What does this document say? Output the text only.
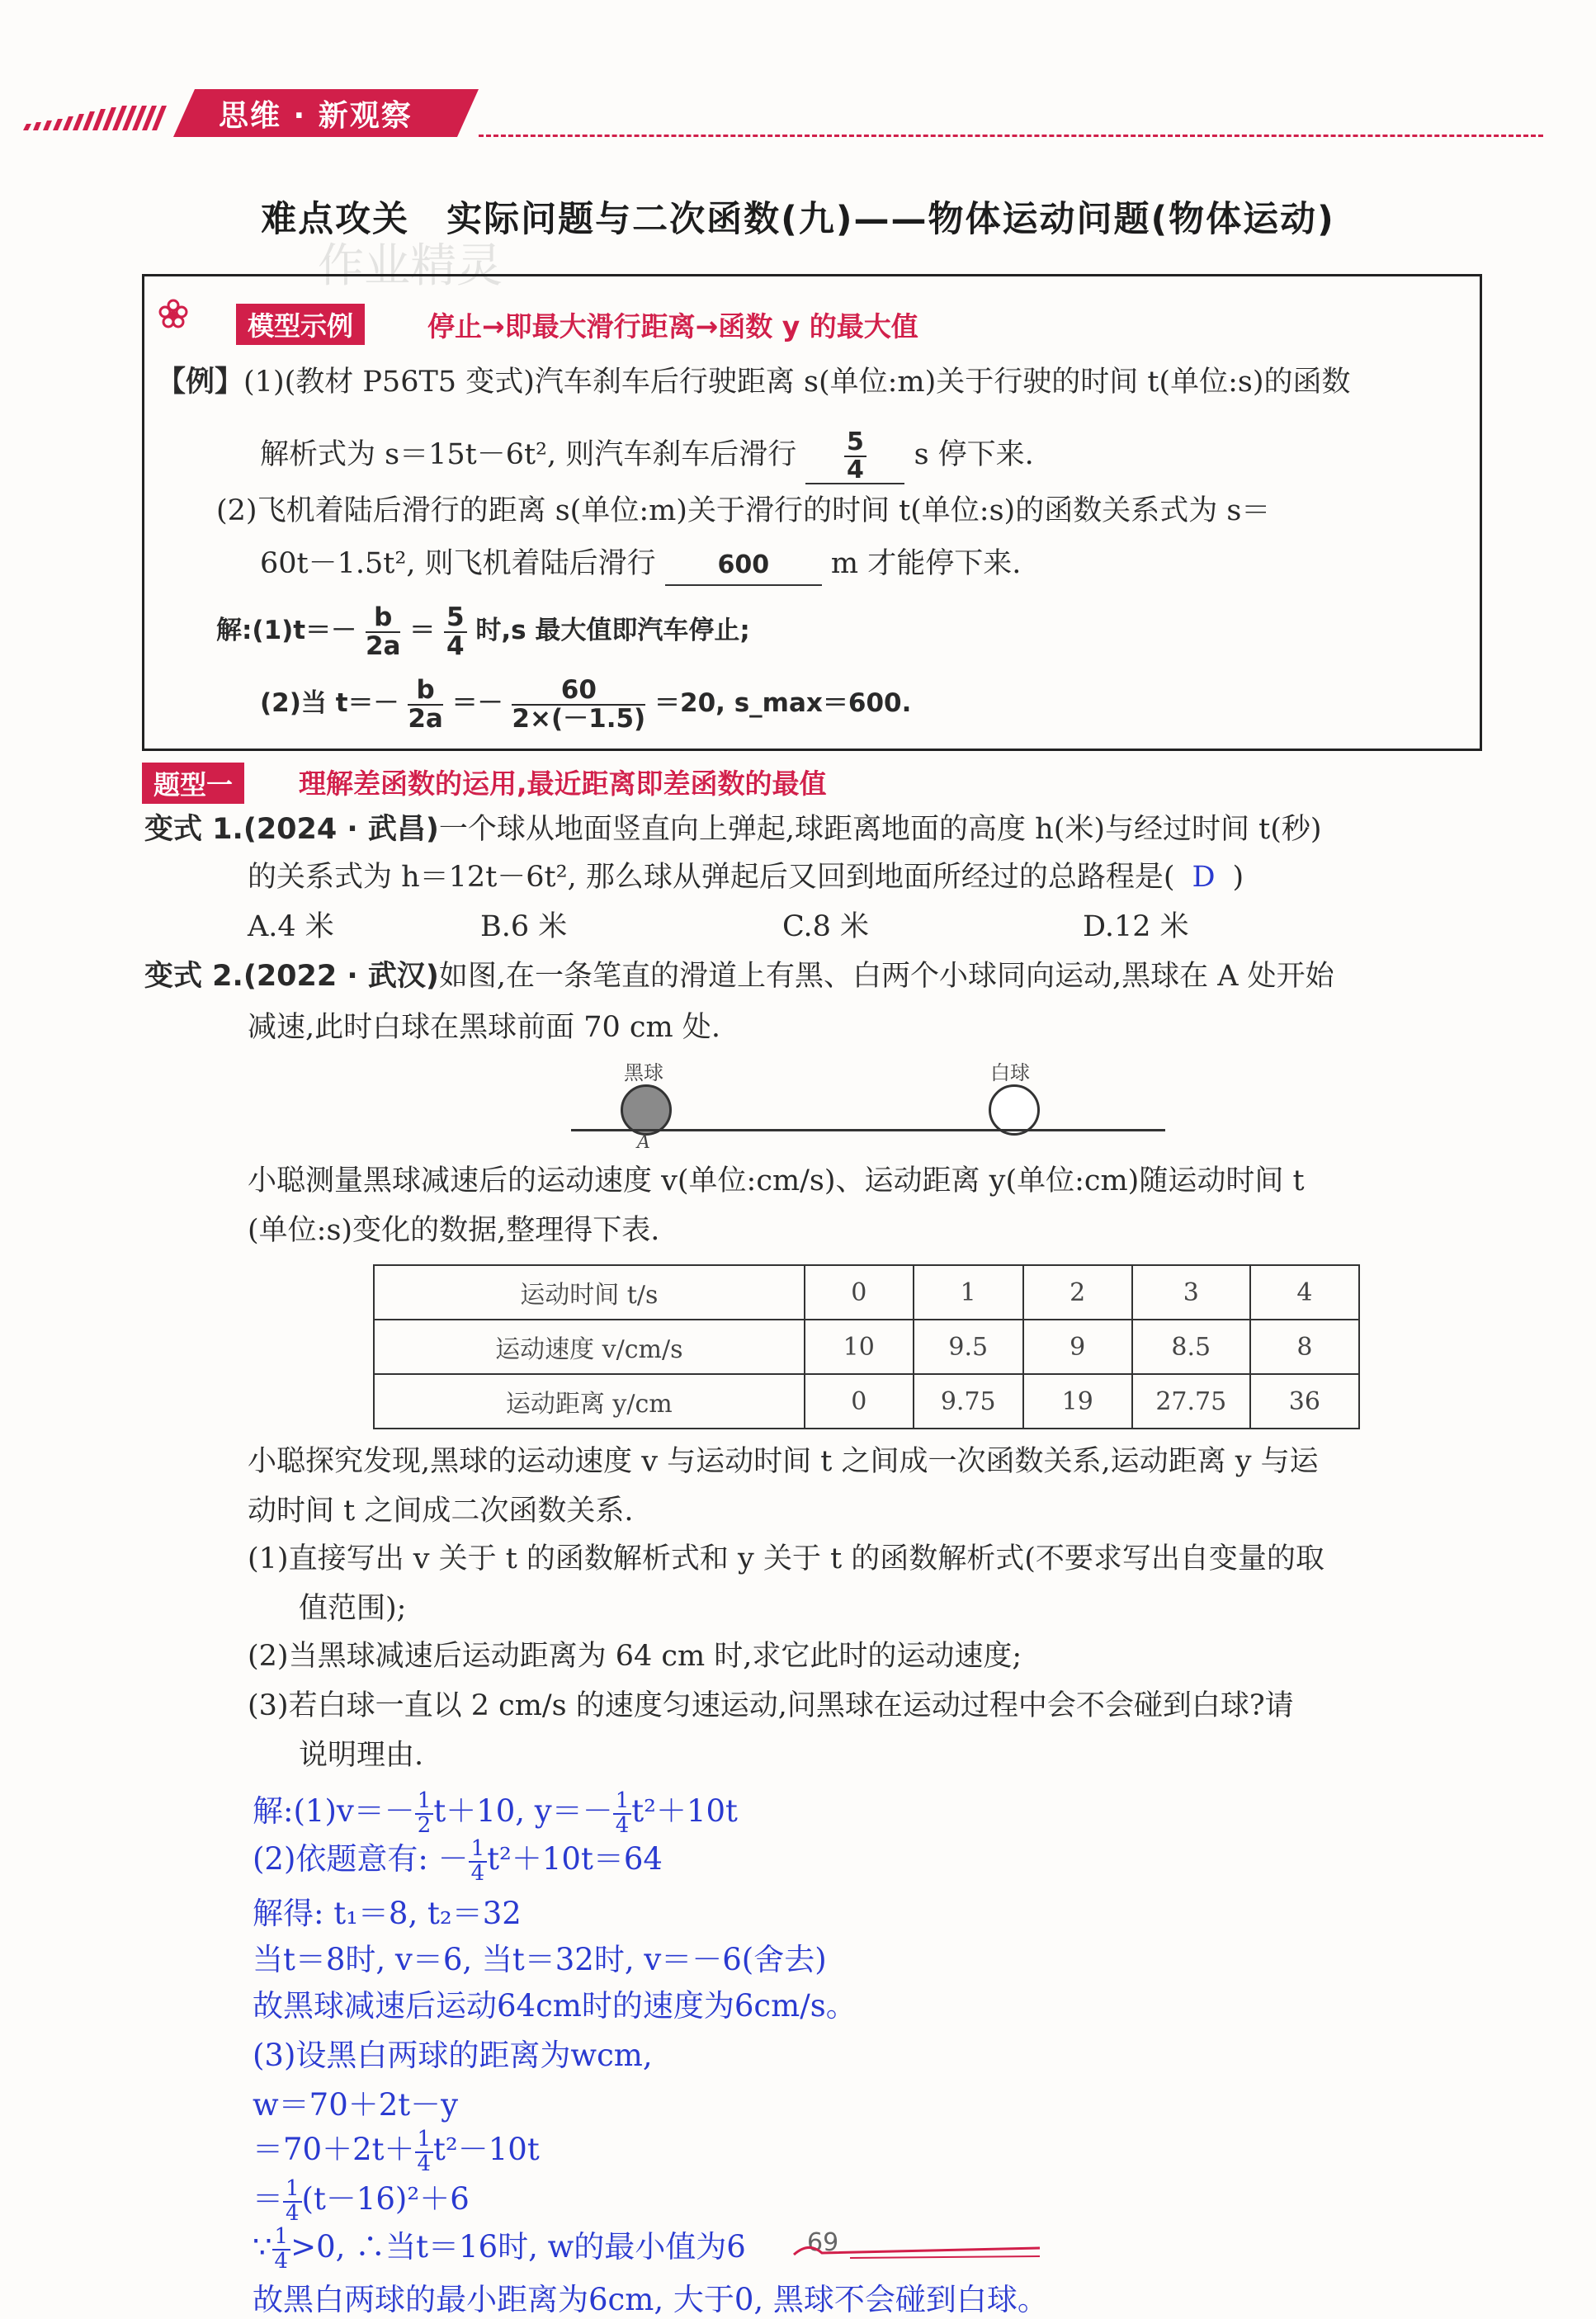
思维 · 新观察
难点攻关　实际问题与二次函数(九)——物体运动问题(物体运动)
作业精灵
模型示例	停止→即最大滑行距离→函数 y 的最大值
【例】(1)(教材 P56T5 变式)汽车刹车后行驶距离 s(单位:m)关于行驶的时间 t(单位:s)的函数
解析式为 s＝15t－6t², 则汽车刹车后滑行 $\frac{5}{4}$ s 停下来.
(2)飞机着陆后滑行的距离 s(单位:m)关于滑行的时间 t(单位:s)的函数关系式为 s＝
60t－1.5t², 则飞机着陆后滑行 600 m 才能停下来.
解:(1)t＝－ $\frac{b}{2a} = \frac{5}{4}$ 时,s 最大值即汽车停止;
(2)当 $t=- \frac{b}{2a} =- \frac{60}{2\times(-1.5)} =20$, s_max＝600.
题型一	理解差函数的运用,最近距离即差函数的最值
变式 1.(2024 · 武昌)一个球从地面竖直向上弹起,球距离地面的高度 h(米)与经过时间 t(秒)
的关系式为 h＝12t－6t², 那么球从弹起后又回到地面所经过的总路程是( D )
A.4 米	B.6 米	C.8 米	D.12 米
变式 2.(2022 · 武汉)如图,在一条笔直的滑道上有黑、白两个小球同向运动,黑球在 A 处开始
减速,此时白球在黑球前面 70 cm 处.
黑球	白球
A
小聪测量黑球减速后的运动速度 v(单位:cm/s)、运动距离 y(单位:cm)随运动时间 t
(单位:s)变化的数据,整理得下表.
运动时间 t/s	0	1	2	3	4
运动速度 v/cm/s	10	9.5	9	8.5	8
运动距离 y/cm	0	9.75	19	27.75	36
小聪探究发现,黑球的运动速度 v 与运动时间 t 之间成一次函数关系,运动距离 y 与运
动时间 t 之间成二次函数关系.
(1)直接写出 v 关于 t 的函数解析式和 y 关于 t 的函数解析式(不要求写出自变量的取
值范围);
(2)当黑球减速后运动距离为 64 cm 时,求它此时的运动速度;
(3)若白球一直以 2 cm/s 的速度匀速运动,问黑球在运动过程中会不会碰到白球?请
说明理由.
解:(1)v＝－ $\frac{1}{2} t+10$, $y=- \frac{1}{4} t^2+10t$
(2)依题意有: － $\frac{1}{4} t^2+10t=64$
解得: t₁＝8, t₂＝32
当t＝8时, v＝6, 当t＝32时, v＝－6(舍去)
故黑球减速后运动64cm时的速度为6cm/s。
(3)设黑白两球的距离为wcm,
w＝70＋2t－y
$=70+2t+ \frac{1}{4} t^2-10t$
＝ $\frac{1}{4} (t-16)^2+6$
∵ $\frac{1}{4} >0$, ∴当t＝16时, w的最小值为6 69
故黑白两球的最小距离为6cm, 大于0, 黑球不会碰到白球。
